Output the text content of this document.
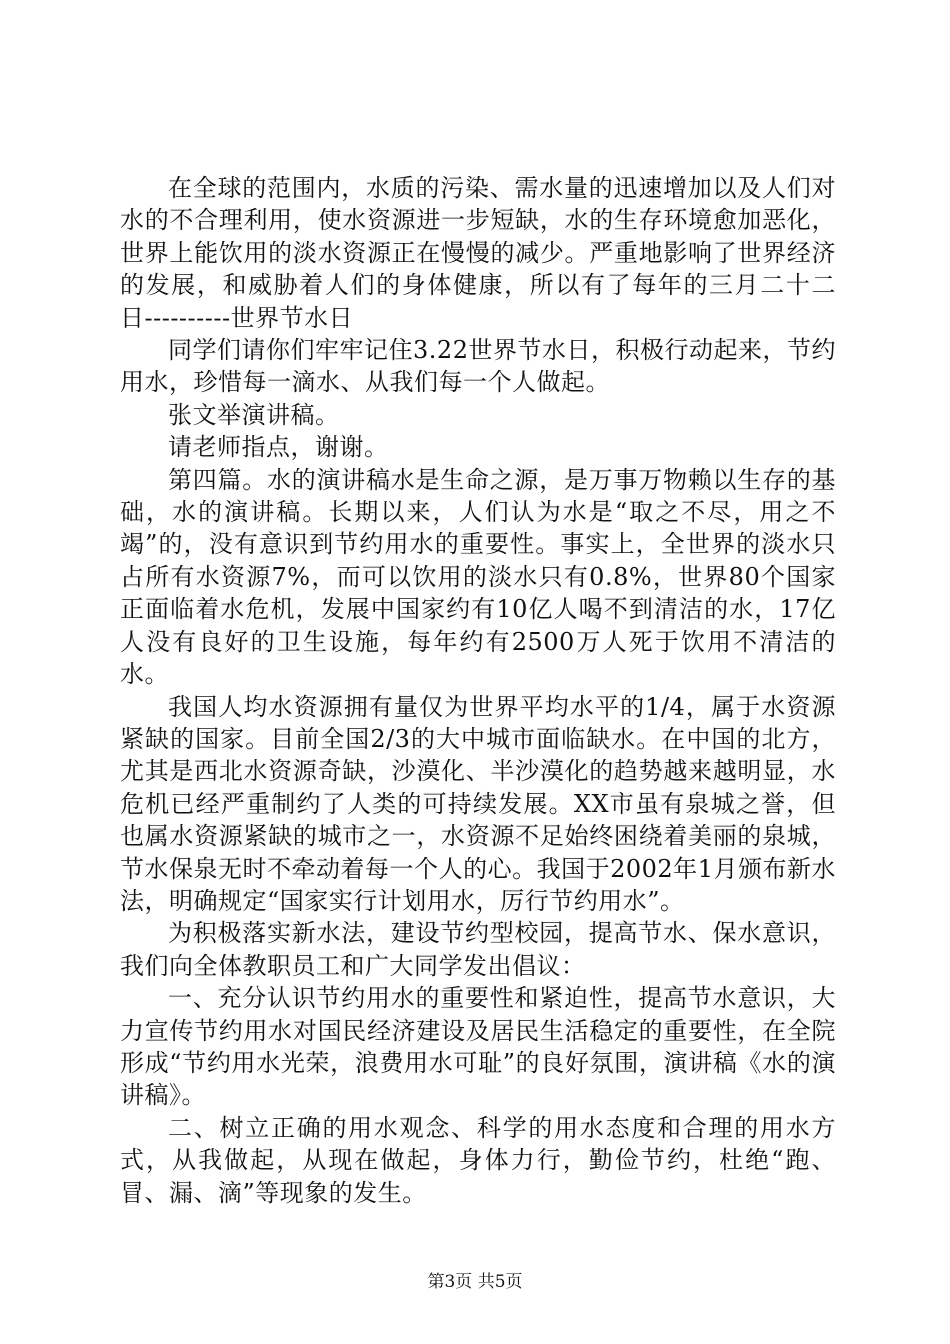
在全球的范围内，水质的污染、需水量的迅速增加以及人们对水的不合理利用，使水资源进一步短缺，水的生存环境愈加恶化，世界上能饮用的淡水资源正在慢慢的减少。严重地影响了世界经济的发展，和威胁着人们的身体健康，所以有了每年的三月二十二日----------世界节水日

同学们请你们牢牢记住3.22世界节水日，积极行动起来，节约用水，珍惜每一滴水、从我们每一个人做起。

张文举演讲稿。

请老师指点，谢谢。

第四篇。水的演讲稿水是生命之源，是万事万物赖以生存的基础，水的演讲稿。长期以来，人们认为水是“取之不尽，用之不竭”的，没有意识到节约用水的重要性。事实上，全世界的淡水只占所有水资源7%，而可以饮用的淡水只有0.8%，世界80个国家正面临着水危机，发展中国家约有10亿人喝不到清洁的水，17亿人没有良好的卫生设施，每年约有2500万人死于饮用不清洁的水。

我国人均水资源拥有量仅为世界平均水平的1/4，属于水资源紧缺的国家。目前全国2/3的大中城市面临缺水。在中国的北方，尤其是西北水资源奇缺，沙漠化、半沙漠化的趋势越来越明显，水危机已经严重制约了人类的可持续发展。XX市虽有泉城之誉，但也属水资源紧缺的城市之一，水资源不足始终困绕着美丽的泉城，节水保泉无时不牵动着每一个人的心。我国于2002年1月颁布新水法，明确规定“国家实行计划用水，厉行节约用水”。

为积极落实新水法，建设节约型校园，提高节水、保水意识，我们向全体教职员工和广大同学发出倡议：

一、充分认识节约用水的重要性和紧迫性，提高节水意识，大力宣传节约用水对国民经济建设及居民生活稳定的重要性，在全院形成“节约用水光荣，浪费用水可耻”的良好氛围，演讲稿《水的演讲稿》。

二、树立正确的用水观念、科学的用水态度和合理的用水方式，从我做起，从现在做起，身体力行，勤俭节约，杜绝“跑、冒、漏、滴”等现象的发生。

第3页 共5页
